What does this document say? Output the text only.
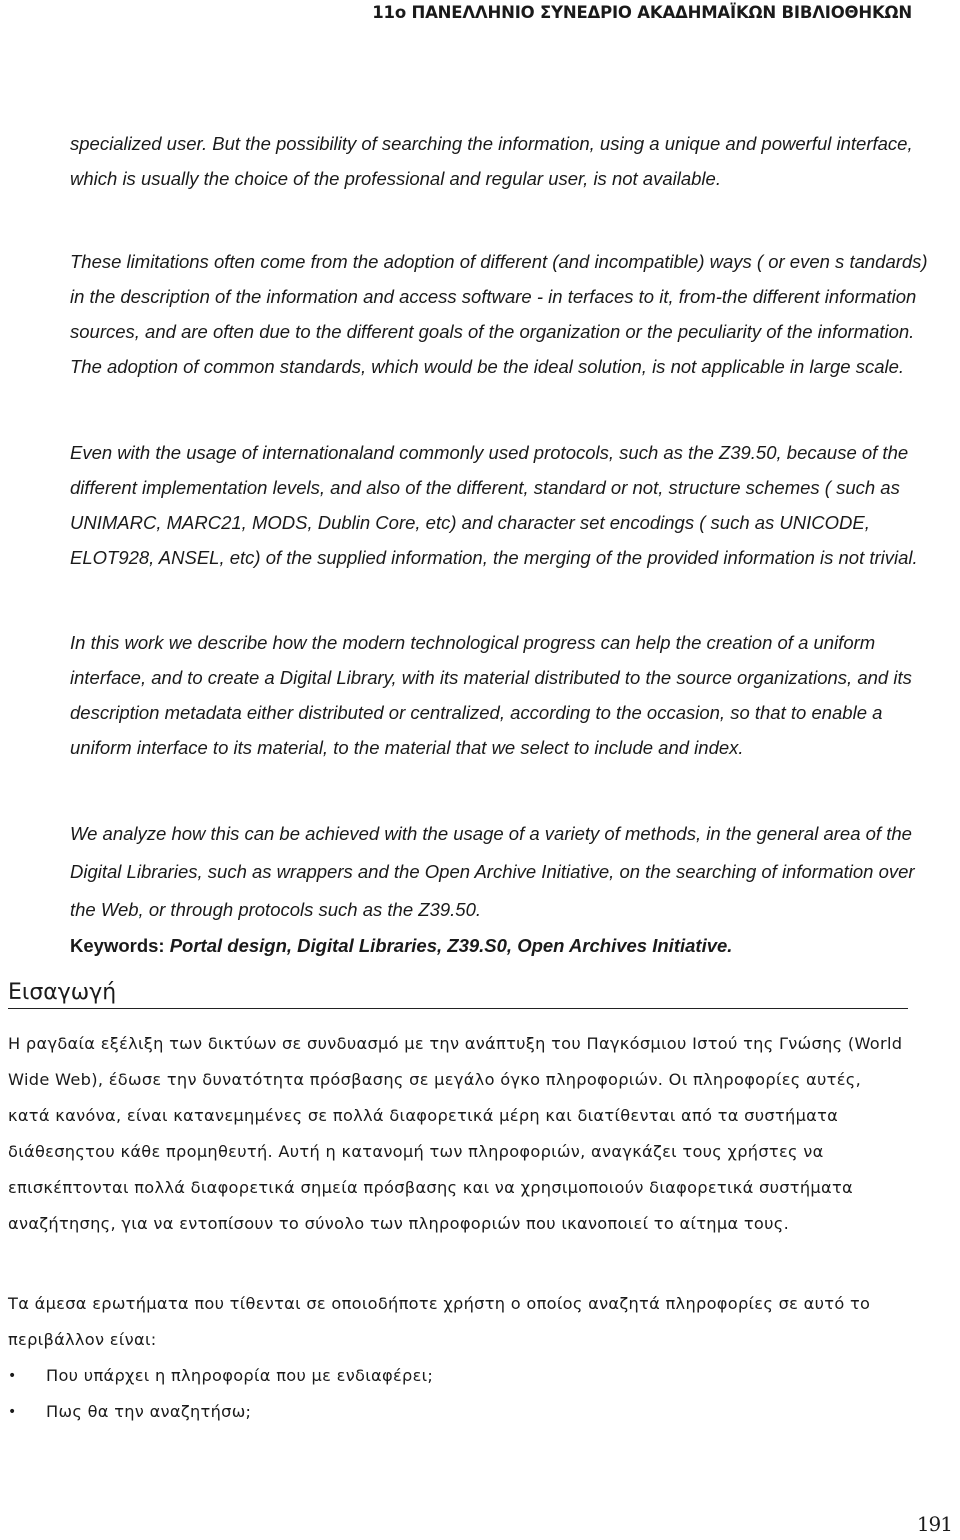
11o ΠΑΝΕΛΛΗΝΙΟ ΣΥΝΕΔΡΙΟ ΑΚΑΔΗΜΑΪΚΩΝ ΒΙΒΛΙΟΘΗΚΩΝ
specialized user. But the possibility of searching the information, using a unique and powerful interface, which is usually the choice of the professional and regular user, is not available.
These limitations often come from the adoption of different (and incompatible) ways ( or even s tandards) in the description of the information and access software - in terfaces to it, from-the different information sources, and are often due to the different goals of the organization or the peculiarity of the information. The adoption of common standards, which would be the ideal solution, is not applicable in large scale.
Even with the usage of internationaland commonly used protocols, such as the Z39.50, because of the different implementation levels, and also of the different, standard or not, structure schemes ( such as UNIMARC, MARC21, MODS, Dublin Core, etc) and character set encodings ( such as UNICODE, ELOT928, ANSEL, etc) of the supplied information, the merging of the provided information is not trivial.
In this work we describe how the modern technological progress can help the creation of a uniform interface, and to create a Digital Library, with its material distributed to the source organizations, and its description metadata either distributed or centralized, according to the occasion, so that to enable a uniform interface to its material, to the material that we select to include and index.
We analyze how this can be achieved with the usage of a variety of methods, in the general area of the Digital Libraries, such as wrappers and the Open Archive Initiative, on the searching of information over the Web, or through protocols such as the Z39.50.
Keywords: Portal design, Digital Libraries, Z39.S0, Open Archives Initiative.
Εισαγωγή
Η ραγδαία εξέλιξη των δικτύων σε συνδυασμό με την ανάπτυξη του Παγκόσμιου Ιστού της Γνώσης (World Wide Web), έδωσε την δυνατότητα πρόσβασης σε μεγάλο όγκο πληροφοριών. Οι πληροφορίες αυτές, κατά κανόνα, είναι κατανεμημένες σε πολλά διαφορετικά μέρη και διατίθενται από τα συστήματα διάθεσηςτου κάθε προμηθευτή. Αυτή η κατανομή των πληροφοριών, αναγκάζει τους χρήστες να επισκέπτονται πολλά διαφορετικά σημεία πρόσβασης και να χρησιμοποιούν διαφορετικά συστήματα αναζήτησης, για να εντοπίσουν το σύνολο των πληροφοριών που ικανοποιεί το αίτημα τους.
Τα άμεσα ερωτήματα που τίθενται σε οποιοδήποτε χρήστη ο οποίος αναζητά πληροφορίες σε αυτό το περιβάλλον είναι:
• Που υπάρχει η πληροφορία που με ενδιαφέρει;
• Πως θα την αναζητήσω;
191
